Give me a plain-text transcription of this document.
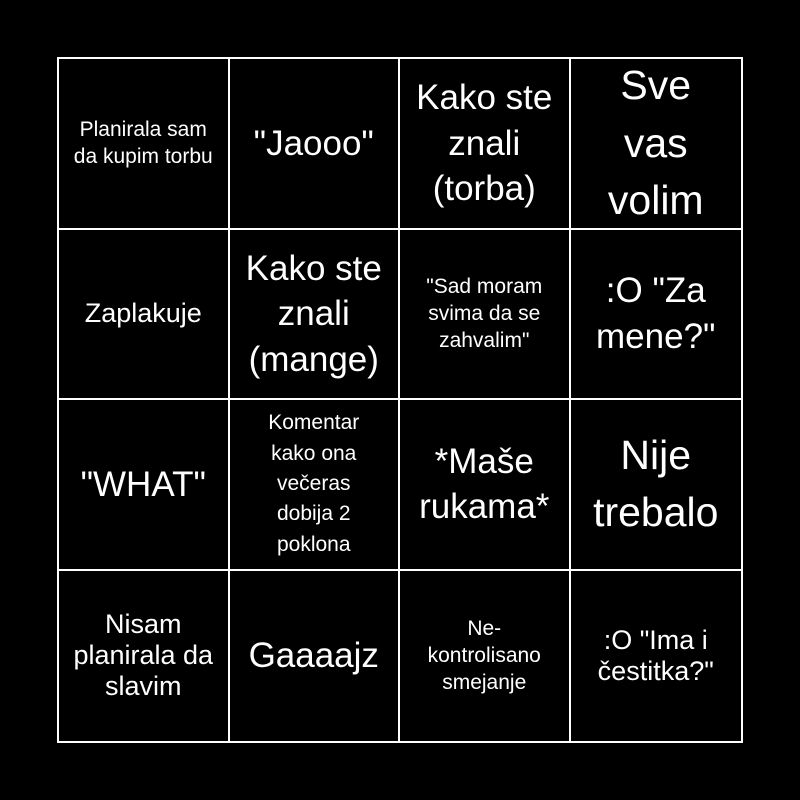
Planirala sam da kupim torbu "Jaooo"
Kako ste znali (torba)
Sve vas volim
Zaplakuje
Kako ste znali (mange)
"Sad moram svima da se zahvalim"
:O "Za mene?"
"WHAT"
Komentar kako ona večeras dobija 2 poklona
*Maše rukama*
Nije trebalo
Nisam planirala da slavim
Gaaaajz
Ne-kontrolisano smejanje
:O "Ima i čestitka?"
